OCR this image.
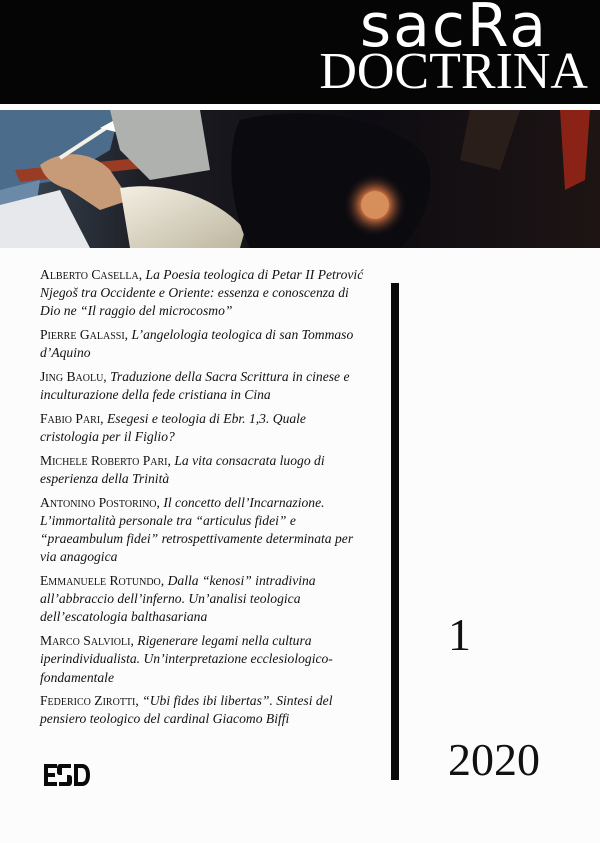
sacRa
DOCTRINA
Alberto Casella, La Poesia teologica di Petar II Petrović Njegoš tra Occidente e Oriente: essenza e conoscenza di Dio ne “Il raggio del microcosmo”
Pierre Galassi, L’angelologia teologica di san Tommaso d’Aquino
Jing Baolu, Traduzione della Sacra Scrittura in cinese e inculturazione della fede cristiana in Cina
Fabio Pari, Esegesi e teologia di Ebr. 1,3. Quale cristologia per il Figlio?
Michele Roberto Pari, La vita consacrata luogo di esperienza della Trinità
Antonino Postorino, Il concetto dell’Incarnazione. L’immortalità personale tra “articulus fidei” e “praeambulum fidei” retrospettivamente determinata per via anagogica
Emmanuele Rotundo, Dalla “kenosi” intradivina all’abbraccio dell’inferno. Un’analisi teologica dell’escatologia balthasariana
Marco Salvioli, Rigenerare legami nella cultura iperindividualista. Un’interpretazione ecclesiologico-fondamentale
Federico Zirotti, “Ubi fides ibi libertas”. Sintesi del pensiero teologico del cardinal Giacomo Biffi
1
2020
